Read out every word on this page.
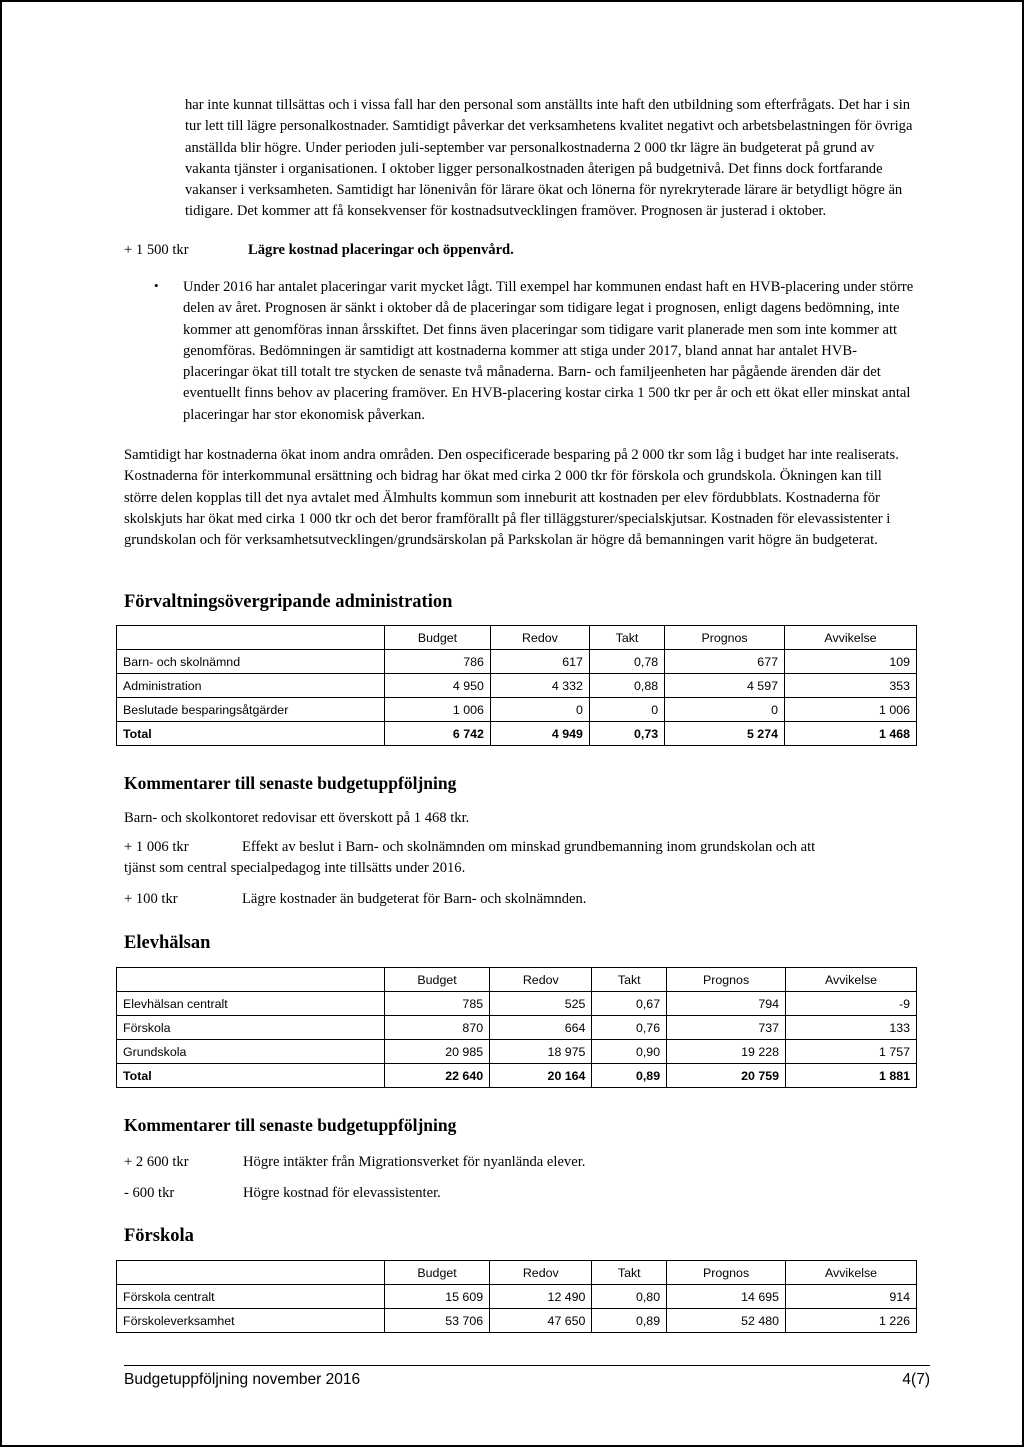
har inte kunnat tillsättas och i vissa fall har den personal som anställts inte haft den utbildning som efterfrågats. Det har i sin tur lett till lägre personalkostnader. Samtidigt påverkar det verksamhetens kvalitet negativt och arbetsbelastningen för övriga anställda blir högre. Under perioden juli-september var personalkostnaderna 2 000 tkr lägre än budgeterat på grund av vakanta tjänster i organisationen. I oktober ligger personalkostnaden återigen på budgetnivå. Det finns dock fortfarande vakanser i verksamheten. Samtidigt har lönenivån för lärare ökat och lönerna för nyrekryterade lärare är betydligt högre än tidigare. Det kommer att få konsekvenser för kostnadsutvecklingen framöver. Prognosen är justerad i oktober.

+ 1 500 tkr	Lägre kostnad placeringar och öppenvård.
• Under 2016 har antalet placeringar varit mycket lågt. Till exempel har kommunen endast haft en HVB-placering under större delen av året. Prognosen är sänkt i oktober då de placeringar som tidigare legat i prognosen, enligt dagens bedömning, inte kommer att genomföras innan årsskiftet. Det finns även placeringar som tidigare varit planerade men som inte kommer att genomföras. Bedömningen är samtidigt att kostnaderna kommer att stiga under 2017, bland annat har antalet HVB-placeringar ökat till totalt tre stycken de senaste två månaderna. Barn- och familjeenheten har pågående ärenden där det eventuellt finns behov av placering framöver. En HVB-placering kostar cirka 1 500 tkr per år och ett ökat eller minskat antal placeringar har stor ekonomisk påverkan.

Samtidigt har kostnaderna ökat inom andra områden. Den ospecificerade besparing på 2 000 tkr som låg i budget har inte realiserats. Kostnaderna för interkommunal ersättning och bidrag har ökat med cirka 2 000 tkr för förskola och grundskola. Ökningen kan till större delen kopplas till det nya avtalet med Älmhults kommun som inneburit att kostnaden per elev fördubblats. Kostnaderna för skolskjuts har ökat med cirka 1 000 tkr och det beror framförallt på fler tilläggsturer/specialskjutsar. Kostnaden för elevassistenter i grundskolan och för verksamhetsutvecklingen/grundsärskolan på Parkskolan är högre då bemanningen varit högre än budgeterat.

Förvaltningsövergripande administration
	Budget	Redov	Takt	Prognos	Avvikelse
Barn- och skolnämnd	786	617	0,78	677	109
Administration	4 950	4 332	0,88	4 597	353
Beslutade besparingsåtgärder	1 006	0	0	0	1 006
Total	6 742	4 949	0,73	5 274	1 468
Kommentarer till senaste budgetuppföljning
Barn- och skolkontoret redovisar ett överskott på 1 468 tkr.
+ 1 006 tkr	Effekt av beslut i Barn- och skolnämnden om minskad grundbemanning inom grundskolan och att
tjänst som central specialpedagog inte tillsätts under 2016.
+ 100 tkr	Lägre kostnader än budgeterat för Barn- och skolnämnden.
Elevhälsan
	Budget	Redov	Takt	Prognos	Avvikelse
Elevhälsan centralt	785	525	0,67	794	-9
Förskola	870	664	0,76	737	133
Grundskola	20 985	18 975	0,90	19 228	1 757
Total	22 640	20 164	0,89	20 759	1 881
Kommentarer till senaste budgetuppföljning
+ 2 600 tkr	Högre intäkter från Migrationsverket för nyanlända elever.
- 600 tkr	Högre kostnad för elevassistenter.
Förskola
	Budget	Redov	Takt	Prognos	Avvikelse
Förskola centralt	15 609	12 490	0,80	14 695	914
Förskoleverksamhet	53 706	47 650	0,89	52 480	1 226
Budgetuppföljning november 2016	4(7)
